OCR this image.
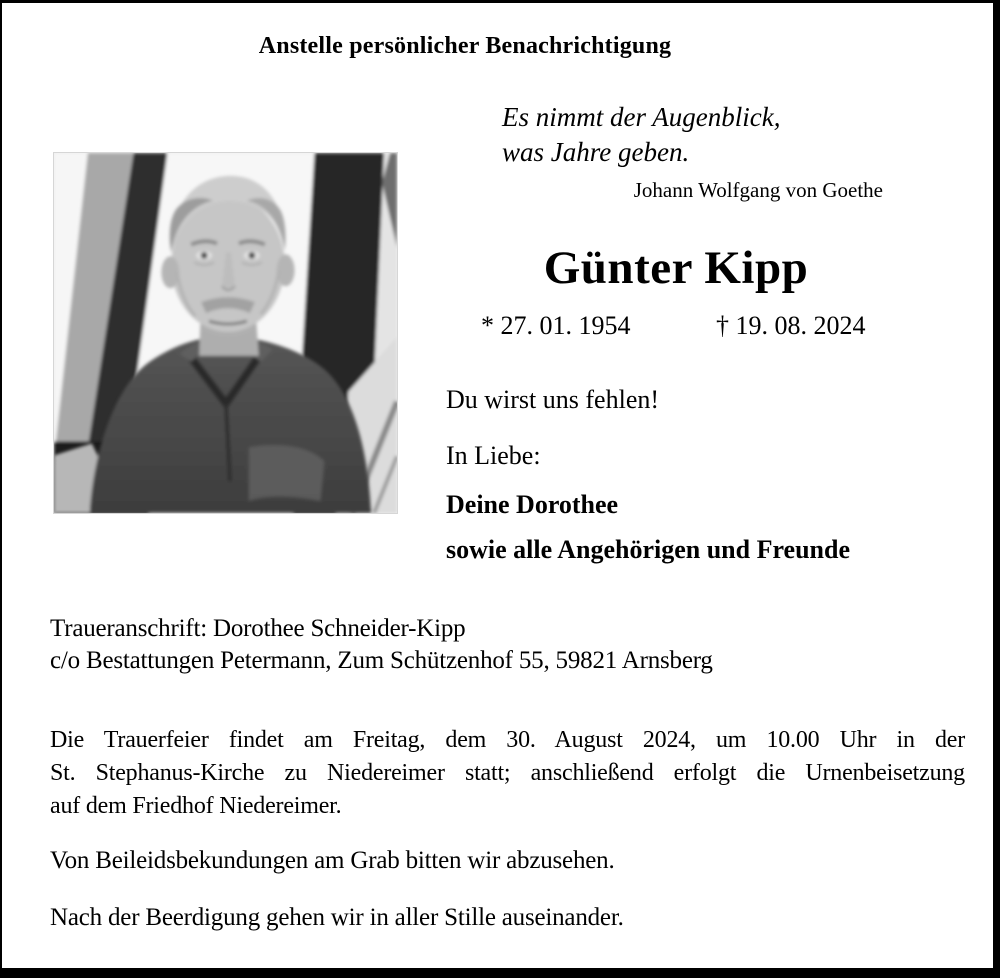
Anstelle persönlicher Benachrichtigung
Es nimmt der Augenblick,
was Jahre geben.
Johann Wolfgang von Goethe
Günter Kipp
* 27. 01. 1954	† 19. 08. 2024
Du wirst uns fehlen!
In Liebe:
Deine Dorothee
sowie alle Angehörigen und Freunde
Traueranschrift: Dorothee Schneider-Kipp
c/o Bestattungen Petermann, Zum Schützenhof 55, 59821 Arnsberg
Die Trauerfeier findet am Freitag, dem 30. August 2024, um 10.00 Uhr in der
St. Stephanus-Kirche zu Niedereimer statt; anschließend erfolgt die Urnenbeisetzung
auf dem Friedhof Niedereimer.
Von Beileidsbekundungen am Grab bitten wir abzusehen.
Nach der Beerdigung gehen wir in aller Stille auseinander.
